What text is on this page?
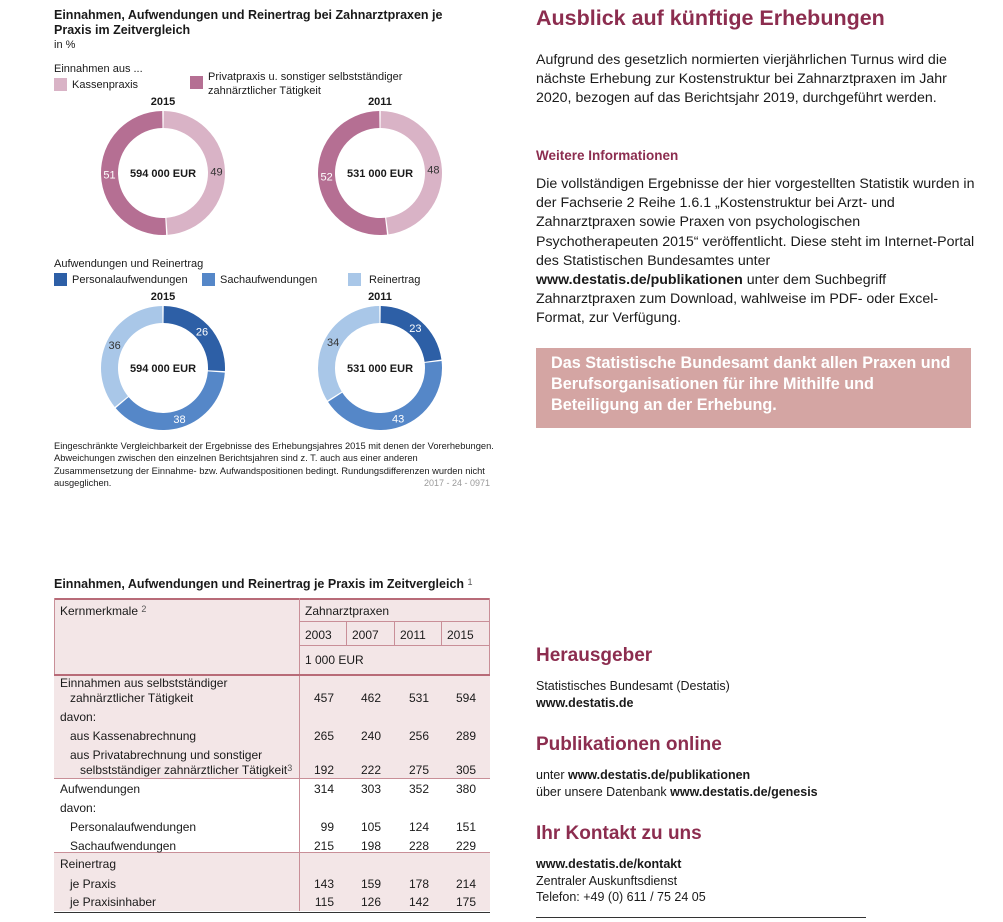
Einnahmen, Aufwendungen und Reinertrag bei Zahnarztpraxen je Praxis im Zeitvergleich
in %
Einnahmen aus ...
Kassenpraxis
Privatpraxis u. sonstiger selbstständiger zahnärztlicher Tätigkeit
Aufwendungen und Reinertrag
Personalaufwendungen	Sachaufwendungen	Reinertrag
2015	2011
2015	2011
49
51 594 000 EUR	48
52 531 000 EUR
26
38
36
594 000 EUR
23
43
34
531 000 EUR
Eingeschränkte Vergleichbarkeit der Ergebnisse des Erhebungsjahres 2015 mit denen der Vorerhebungen. Abweichungen zwischen den einzelnen Berichtsjahren sind z. T. auch aus einer anderen Zusammensetzung der Einnahme- bzw. Aufwandspositionen bedingt. Rundungsdifferenzen wurden nicht ausgeglichen.	2017 - 24 - 0971
Ausblick auf künftige Erhebungen
Aufgrund des gesetzlich normierten vierjährlichen Turnus wird die nächste Erhebung zur Kostenstruktur bei Zahnarztpraxen im Jahr 2020, bezogen auf das Berichtsjahr 2019, durchgeführt werden.
Weitere Informationen
Die vollständigen Ergebnisse der hier vorgestellten Statistik wurden in der Fachserie 2 Reihe 1.6.1 „Kostenstruktur bei Arzt- und Zahnarztpraxen sowie Praxen von psychologischen Psychotherapeuten 2015“ veröffentlicht. Diese steht im Internet-Portal des Statistischen Bundesamtes unter www.destatis.de/publikationen unter dem Suchbegriff Zahnarztpraxen zum Download, wahlweise im PDF- oder Excel-Format, zur Verfügung.
Das Statistische Bundesamt dankt allen Praxen und Berufsorganisationen für ihre Mithilfe und Beteiligung an der Erhebung.
Herausgeber
Statistisches Bundesamt (Destatis)
www.destatis.de
Publikationen online
unter www.destatis.de/publikationen
über unsere Datenbank www.destatis.de/genesis
Ihr Kontakt zu uns
www.destatis.de/kontakt
Zentraler Auskunftsdienst
Telefon: +49 (0) 611 / 75 24 05
Einnahmen, Aufwendungen und Reinertrag je Praxis im Zeitvergleich $^1$
Kernmerkmale $^2$	Zahnarztpraxen
2003 2007 2011 2015
1 000 EUR
Einnahmen aus selbstständiger
zahnärztlicher Tätigkeit	457	462	531	594
davon:
aus Kassenabrechnung	265	240	256	289
aus Privatabrechnung und sonstiger
selbstständiger zahnärztlicher Tätigkeit$^3$	192	222	275	305
Aufwendungen	314	303	352	380
davon:
Personalaufwendungen	99	105	124	151
Sachaufwendungen	215	198	228	229
Reinertrag
je Praxis	143	159	178	214
je Praxisinhaber	115	126	142	175
